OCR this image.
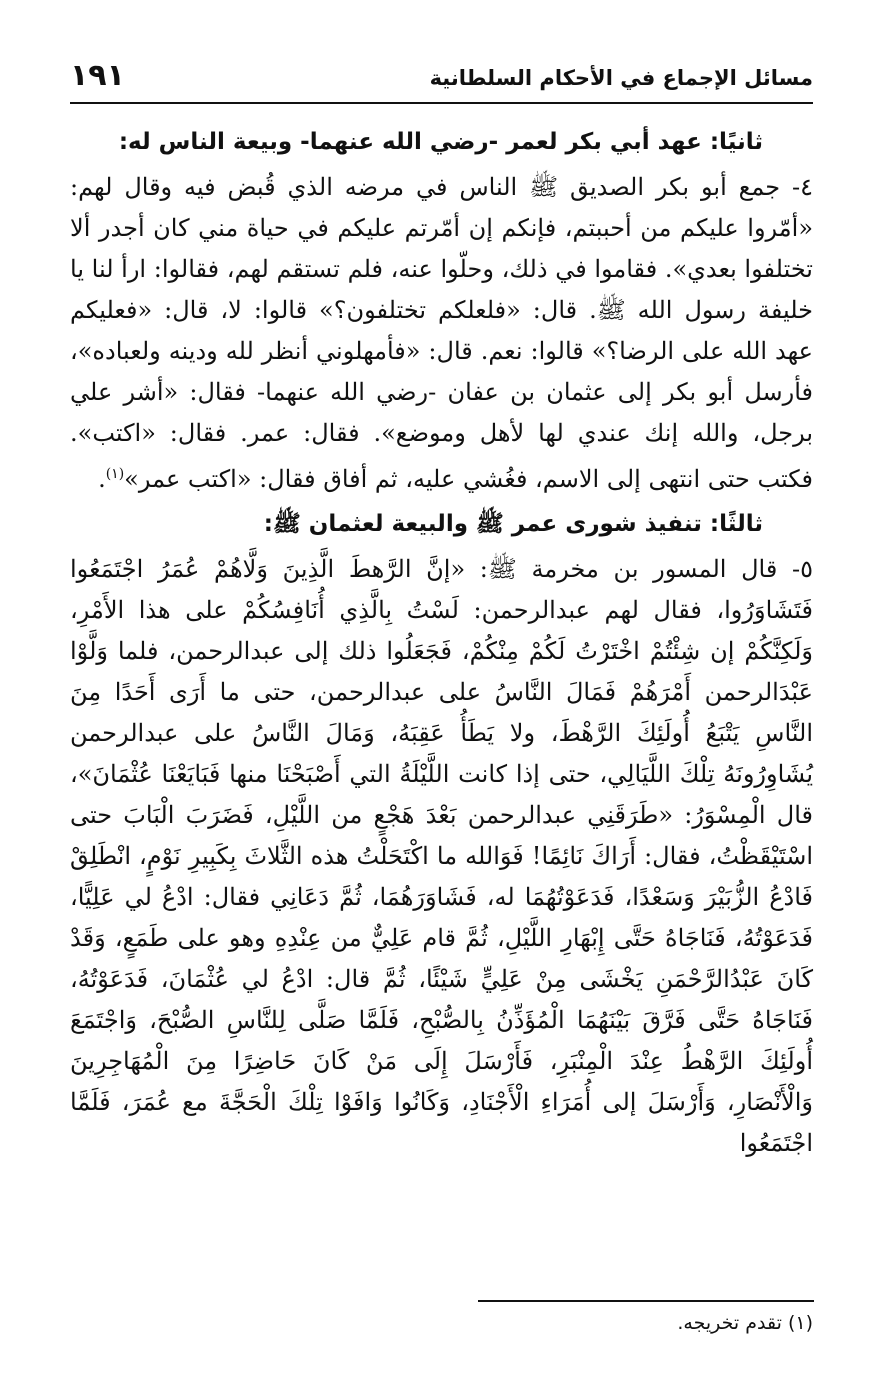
١٩١	مسائل الإجماع في الأحكام السلطانية

ثانيًا: عهد أبي بكر لعمر -رضي الله عنهما- وبيعة الناس له:

٤- جمع أبو بكر الصديق ﷺ الناس في مرضه الذي قُبض فيه وقال لهم: «أمّروا عليكم من أحببتم، فإنكم إن أمّرتم عليكم في حياة مني كان أجدر ألا تختلفوا بعدي». فقاموا في ذلك، وحلّوا عنه، فلم تستقم لهم، فقالوا: ارأ لنا يا خليفة رسول الله ﷺ. قال: «فلعلكم تختلفون؟» قالوا: لا، قال: «فعليكم عهد الله على الرضا؟» قالوا: نعم. قال: «فأمهلوني أنظر لله ودينه ولعباده»، فأرسل أبو بكر إلى عثمان بن عفان -رضي الله عنهما- فقال: «أشر علي برجل، والله إنك عندي لها لأهل وموضع». فقال: عمر. فقال: «اكتب». فكتب حتى انتهى إلى الاسم، فغُشي عليه، ثم أفاق فقال: «اكتب عمر»$^{(١)}$.

ثالثًا: تنفيذ شورى عمر ﷺ والبيعة لعثمان ﷺ:

٥- قال المسور بن مخرمة ﷺ: «إنَّ الرَّهطَ الَّذِينَ وَلَّاهُمْ عُمَرُ اجْتَمَعُوا فَتَشَاوَرُوا، فقال لهم عبدالرحمن: لَسْتُ بِالَّذِي أُنَافِسُكُمْ على هذا الأَمْرِ، وَلَكِنَّكُمْ إن شِئْتُمْ اخْتَرْتُ لَكُمْ مِنْكُمْ، فَجَعَلُوا ذلك إلى عبدالرحمن، فلما وَلَّوْا عَبْدَالرحمن أَمْرَهُمْ فَمَالَ النَّاسُ على عبدالرحمن، حتى ما أَرَى أَحَدًا مِنَ النَّاسِ يَتْبَعُ أُولَئِكَ الرَّهْطَ، ولا يَطَأُ عَقِبَهُ، وَمَالَ النَّاسُ على عبدالرحمن يُشَاوِرُونَهُ تِلْكَ اللَّيَالِي، حتى إذا كانت اللَّيْلَةُ التي أَصْبَحْنَا منها فَبَايَعْنَا عُثْمَانَ»، قال الْمِسْوَرُ: «طَرَقَنِي عبدالرحمن بَعْدَ هَجْعٍ من اللَّيْلِ، فَضَرَبَ الْبَابَ حتى اسْتَيْقَظْتُ، فقال: أَرَاكَ نَائِمًا! فَوَالله ما اكْتَحَلْتُ هذه الثَّلاثَ بِكَبِيرِ نَوْمٍ، انْطَلِقْ فَادْعُ الزُّبَيْرَ وَسَعْدًا، فَدَعَوْتُهُمَا له، فَشَاوَرَهُمَا، ثُمَّ دَعَانِي فقال: ادْعُ لي عَلِيًّا، فَدَعَوْتُهُ، فَنَاجَاهُ حَتَّى إِبْهَارِ اللَّيْلِ، ثُمَّ قام عَلِيٌّ من عِنْدِهِ وهو على طَمَعٍ، وَقَدْ كَانَ عَبْدُالرَّحْمَنِ يَخْشَى مِنْ عَلِيٍّ شَيْئًا، ثُمَّ قال: ادْعُ لي عُثْمَانَ، فَدَعَوْتُهُ، فَنَاجَاهُ حَتَّى فَرَّقَ بَيْنَهُمَا الْمُؤَذِّنُ بِالصُّبْحِ، فَلَمَّا صَلَّى لِلنَّاسِ الصُّبْحَ، وَاجْتَمَعَ أُولَئِكَ الرَّهْطُ عِنْدَ الْمِنْبَرِ، فَأَرْسَلَ إِلَى مَنْ كَانَ حَاضِرًا مِنَ الْمُهَاجِرِينَ وَالْأَنْصَارِ، وَأَرْسَلَ إلى أُمَرَاءِ الْأَجْنَادِ، وَكَانُوا وَافَوْا تِلْكَ الْحَجَّةَ مع عُمَرَ، فَلَمَّا اجْتَمَعُوا

(١) تقدم تخريجه.
